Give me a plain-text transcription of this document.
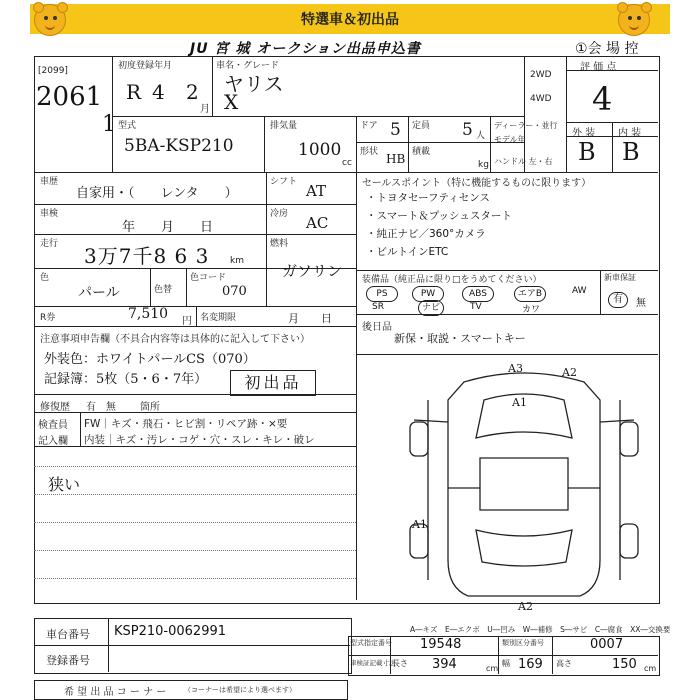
特選車＆初出品
JU 宮 城 オークション出品申込書	①会 場 控
[2099]
2061
1
初度登録年月
R 4 2
月
車名・グレード
ヤリス
X
2WD
4WD
評 価 点
4
外 装 内 装
B B
型式
5BA-KSP210
排気量
1000
cc
ドア 5 定員 5 人
形状 HB 積載
kg
ディーラー・並行
モデル年
ハンドル 左・右
車歴
自家用・（　　レンタ　　）
シフト AT
車検
年　　月　　日
冷房 AC
走行 3万7千8 6 3 km
燃料
ガソリン
色
パール	色替
色コード
070
R券	7,510 円 名変期限	月　　日
注意事項申告欄（不具合内容等は具体的に記入して下さい）
外装色：ホワイトパールCS（070）
記録簿：5枚（5・6・7年）	初出品
修復歴 有　無 箇所
検査員
記入欄
FW｜キズ・飛石・ヒビ割・リペア跡・×要
内装｜キズ・汚レ・コゲ・穴・スレ・キレ・破レ
狭い
セールスポイント（特に機能するものに限ります）
・トヨタセーフティセンス
・スマート＆プッシュスタート
・純正ナビ／360°カメラ
・ビルトインETC
装備品（純正品に限り□をうめてください）	新車保証
PS	PW	ABS	エアB	AW
SR	ナビ	TV	カワ
有	無
後日品
新保・取説・スマートキー
A3	A2
A1
A1
A2
A―キズ　E―エクボ　U―凹み　W―補修　S―サビ　C―腐食　XX―交換要
車台番号 KSP210-0062991
登録番号
型式指定番号 19548	類別区分番号	0007
車検証記載寸法
長さ 394	cm
幅 169 高さ	150 cm
希 望 出 品 コ ー ナ ー	（コーナーは希望により選べます）
